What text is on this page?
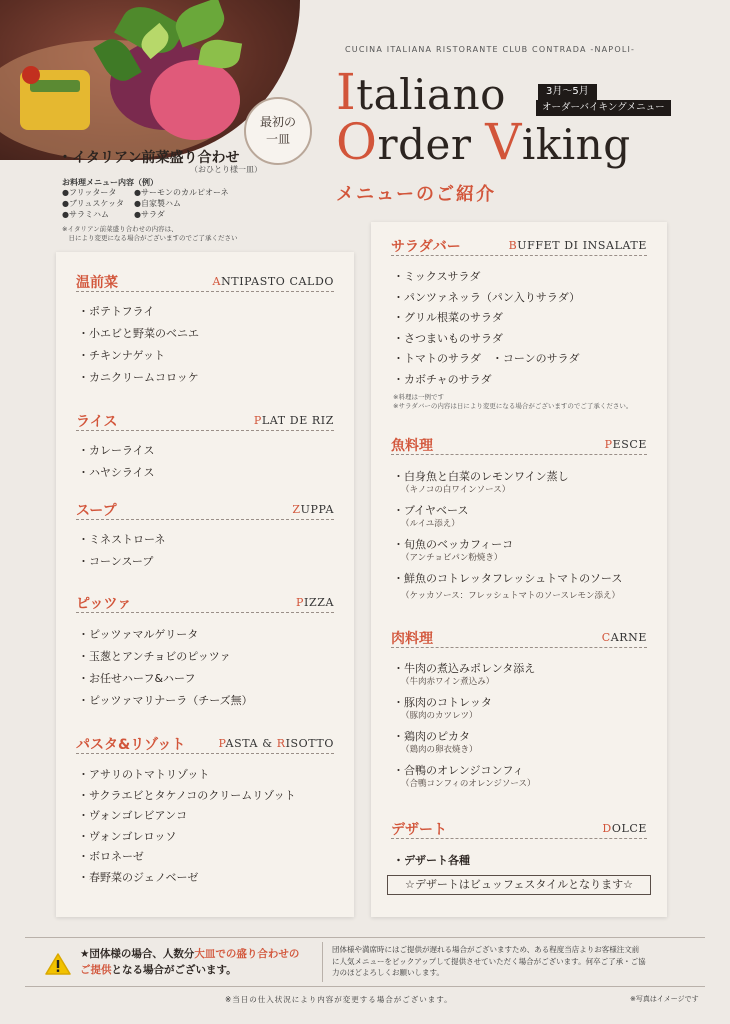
最初の
一皿
CUCINA ITALIANA RISTORANTE CLUB CONTRADA -NAPOLI-
Italiano
Order Viking
3月〜5月
オーダーバイキングメニュー
メニューのご紹介
・イタリアン前菜盛り合わせ
（おひとり様一皿）
お料理メニュー内容（例）
●フリッタータ	●サーモンのカルピオーネ
●ブリュスケッタ ●自家製ハム
●サラミハム	●サラダ
※イタリアン前菜盛り合わせの内容は、
　日により変更になる場合がございますのでご了承ください
温前菜	ANTIPASTO CALDO
・ポテトフライ
・小エビと野菜のベニエ
・チキンナゲット
・カニクリームコロッケ
ライス	PLAT DE RIZ
・カレーライス
・ハヤシライス
スープ	ZUPPA
・ミネストローネ
・コーンスープ
ピッツァ	PIZZA
・ピッツァマルゲリータ
・玉葱とアンチョビのピッツァ
・お任せハーフ&ハーフ
・ピッツァマリナーラ（チーズ無）
パスタ&リゾット	PASTA & RISOTTO
・アサリのトマトリゾット
・サクラエビとタケノコのクリームリゾット
・ヴォンゴレビアンコ
・ヴォンゴレロッソ
・ボロネーゼ
・春野菜のジェノベーゼ
サラダバー	BUFFET DI INSALATE
・ミックスサラダ
・パンツァネッラ（パン入りサラダ）
・グリル根菜のサラダ
・さつまいものサラダ
・トマトのサラダ　・コーンのサラダ
・カボチャのサラダ
※料理は一例です
※サラダバーの内容は日により変更になる場合がございますのでご了承ください。
魚料理	PESCE
・白身魚と白菜のレモンワイン蒸し
（キノコの白ワインソース）
・ブイヤベース
（ルイユ添え）
・旬魚のベッカフィーコ
（アンチョビパン粉焼き）
・鮮魚のコトレッタフレッシュトマトのソース
（ケッカソース：フレッシュトマトのソースレモン添え）
肉料理	CARNE
・牛肉の煮込みポレンタ添え
（牛肉赤ワイン煮込み）
・豚肉のコトレッタ
（豚肉のカツレツ）
・鶏肉のピカタ
（鶏肉の卵衣焼き）
・合鴨のオレンジコンフィ
（合鴨コンフィのオレンジソース）
デザート	DOLCE
・デザート各種
☆デザートはビュッフェスタイルとなります☆
★団体様の場合、人数分大皿での盛り合わせの
ご提供となる場合がございます。
団体様や満席時にはご提供が遅れる場合がございますため、ある程度当店よりお客様注文前
に人気メニューをピックアップして提供させていただく場合がございます。何卒ご了承・ご協
力のほどよろしくお願いします。
※当日の仕入状況により内容が変更する場合がございます。	※写真はイメージです
